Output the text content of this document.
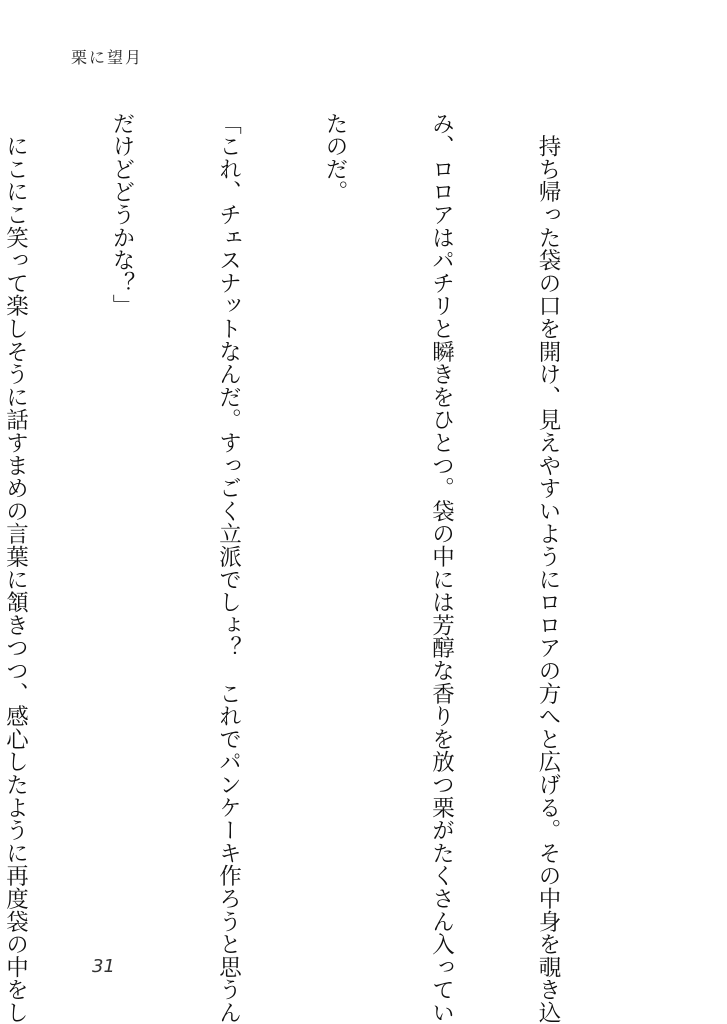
栗に望月

　持ち帰った袋の口を開け、見えやすいようにロロアの方へと広げる。その中身を覗き込

み、ロロアはパチリと瞬きをひとつ。袋の中には芳醇な香りを放つ栗がたくさん入ってい

たのだ。

「これ、チェスナットなんだ。すっごく立派でしょ？　これでパンケーキ作ろうと思うん

だけどどうかな？」

　にこにこ笑って楽しそうに話すまめの言葉に頷きつつ、感心したように再度袋の中をし

	31
